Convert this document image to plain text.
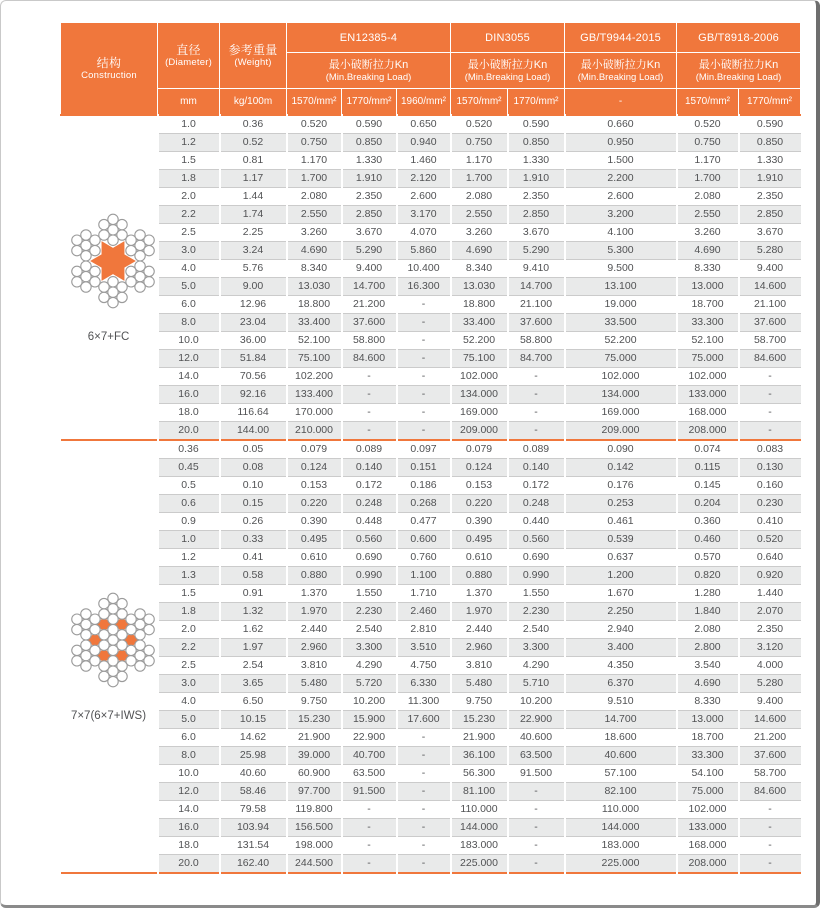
结构
Construction

直径
(Diameter)

参考重量
(Weight)
	EN12385-4	DIN3055	GB/T9944-2015	GB/T8918-2006

最小破断拉力Kn
(Min.Breaking Load)

最小破断拉力Kn
(Min.Breaking Load)

最小破断拉力Kn
(Min.Breaking Load)

最小破断拉力Kn
(Min.Breaking Load)

	mm	kg/100m	1570/mm²	1770/mm²	1960/mm²	1570/mm²	1770/mm²	-	1570/mm²	1770/mm²

6×7+FC	1.0	0.36	0.520	0.590	0.650	0.520	0.590	0.660	0.520	0.590
	1.2	0.52	0.750	0.850	0.940	0.750	0.850	0.950	0.750	0.850
	1.5	0.81	1.170	1.330	1.460	1.170	1.330	1.500	1.170	1.330
	1.8	1.17	1.700	1.910	2.120	1.700	1.910	2.200	1.700	1.910
	2.0	1.44	2.080	2.350	2.600	2.080	2.350	2.600	2.080	2.350
	2.2	1.74	2.550	2.850	3.170	2.550	2.850	3.200	2.550	2.850
	2.5	2.25	3.260	3.670	4.070	3.260	3.670	4.100	3.260	3.670
	3.0	3.24	4.690	5.290	5.860	4.690	5.290	5.300	4.690	5.280
	4.0	5.76	8.340	9.400	10.400	8.340	9.410	9.500	8.330	9.400
	5.0	9.00	13.030	14.700	16.300	13.030	14.700	13.100	13.000	14.600
	6.0	12.96	18.800	21.200	-	18.800	21.100	19.000	18.700	21.100
	8.0	23.04	33.400	37.600	-	33.400	37.600	33.500	33.300	37.600
	10.0	36.00	52.100	58.800	-	52.200	58.800	52.200	52.100	58.700
	12.0	51.84	75.100	84.600	-	75.100	84.700	75.000	75.000	84.600
	14.0	70.56	102.200	-	-	102.000	-	102.000	102.000	-
	16.0	92.16	133.400	-	-	134.000	-	134.000	133.000	-
	18.0	116.64	170.000	-	-	169.000	-	169.000	168.000	-
	20.0	144.00	210.000	-	-	209.000	-	209.000	208.000	-

7×7(6×7+IWS)	0.36	0.05	0.079	0.089	0.097	0.079	0.089	0.090	0.074	0.083
	0.45	0.08	0.124	0.140	0.151	0.124	0.140	0.142	0.115	0.130
	0.5	0.10	0.153	0.172	0.186	0.153	0.172	0.176	0.145	0.160
	0.6	0.15	0.220	0.248	0.268	0.220	0.248	0.253	0.204	0.230
	0.9	0.26	0.390	0.448	0.477	0.390	0.440	0.461	0.360	0.410
	1.0	0.33	0.495	0.560	0.600	0.495	0.560	0.539	0.460	0.520
	1.2	0.41	0.610	0.690	0.760	0.610	0.690	0.637	0.570	0.640
	1.3	0.58	0.880	0.990	1.100	0.880	0.990	1.200	0.820	0.920
	1.5	0.91	1.370	1.550	1.710	1.370	1.550	1.670	1.280	1.440
	1.8	1.32	1.970	2.230	2.460	1.970	2.230	2.250	1.840	2.070
	2.0	1.62	2.440	2.540	2.810	2.440	2.540	2.940	2.080	2.350
	2.2	1.97	2.960	3.300	3.510	2.960	3.300	3.400	2.800	3.120
	2.5	2.54	3.810	4.290	4.750	3.810	4.290	4.350	3.540	4.000
	3.0	3.65	5.480	5.720	6.330	5.480	5.710	6.370	4.690	5.280
	4.0	6.50	9.750	10.200	11.300	9.750	10.200	9.510	8.330	9.400
	5.0	10.15	15.230	15.900	17.600	15.230	22.900	14.700	13.000	14.600
	6.0	14.62	21.900	22.900	-	21.900	40.600	18.600	18.700	21.200
	8.0	25.98	39.000	40.700	-	36.100	63.500	40.600	33.300	37.600
	10.0	40.60	60.900	63.500	-	56.300	91.500	57.100	54.100	58.700
	12.0	58.46	97.700	91.500	-	81.100	-	82.100	75.000	84.600
	14.0	79.58	119.800	-	-	110.000	-	110.000	102.000	-
	16.0	103.94	156.500	-	-	144.000	-	144.000	133.000	-
	18.0	131.54	198.000	-	-	183.000	-	183.000	168.000	-
	20.0	162.40	244.500	-	-	225.000	-	225.000	208.000	-
